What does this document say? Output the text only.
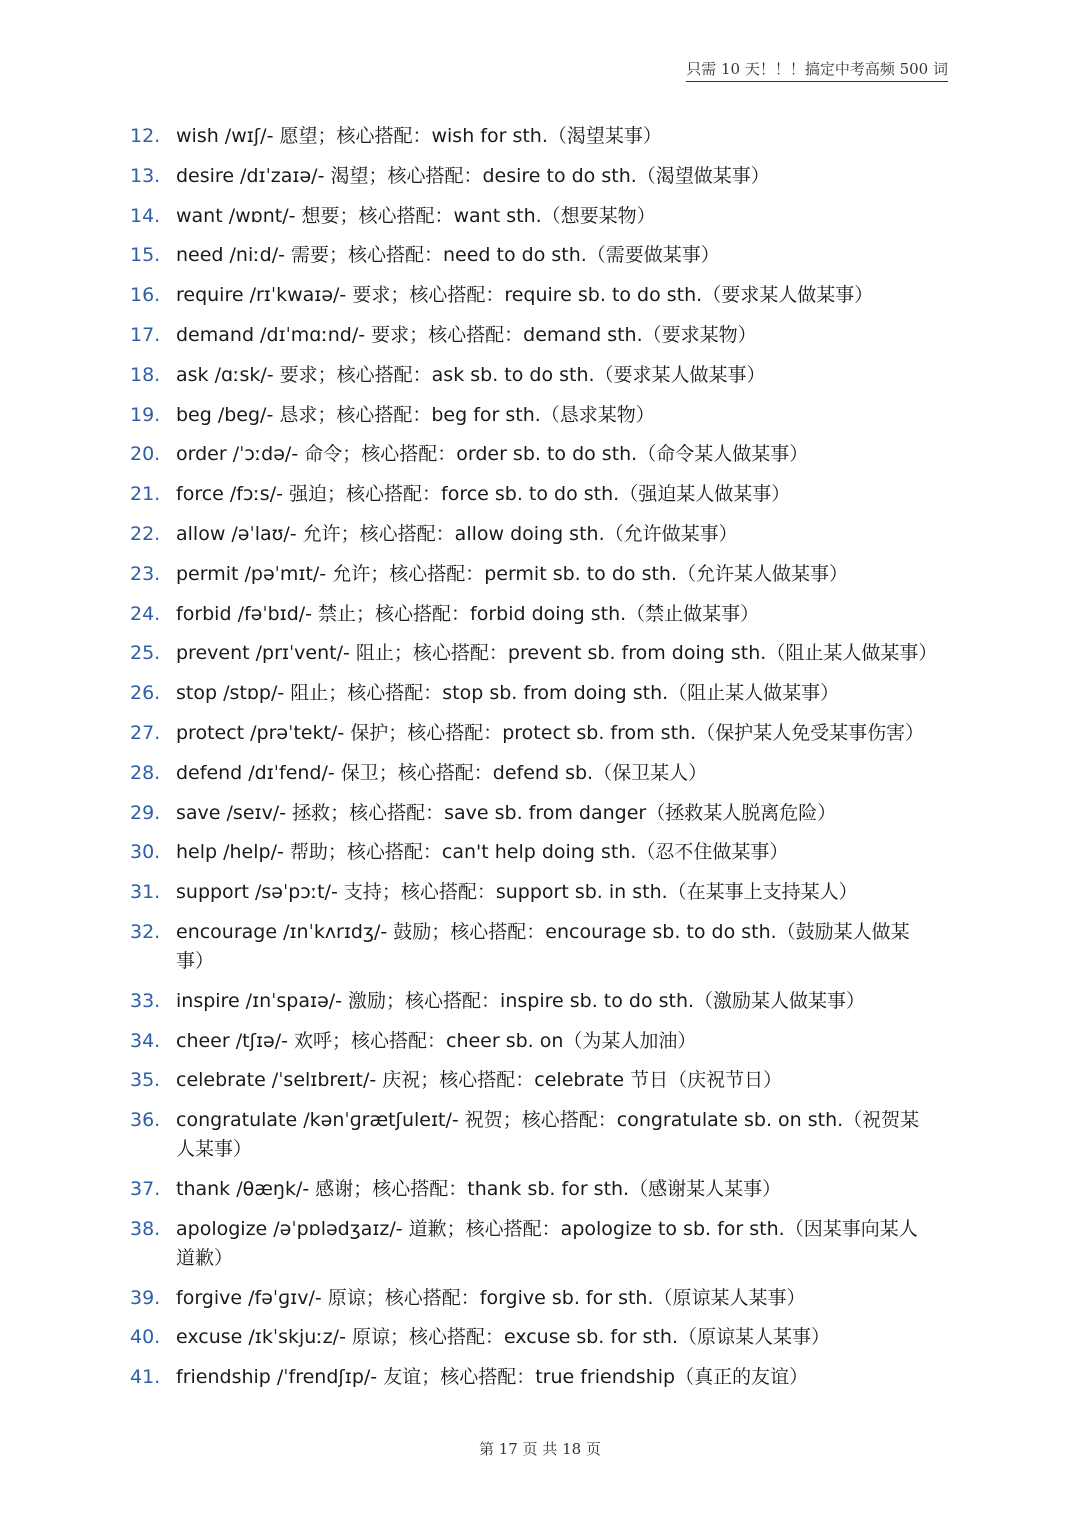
只需 10 天！！！搞定中考高频 500 词
12. wish /wɪʃ/- 愿望；核心搭配：wish for sth.（渴望某事）
13. desire /dɪˈzaɪə/- 渴望；核心搭配：desire to do sth.（渴望做某事）
14. want /wɒnt/- 想要；核心搭配：want sth.（想要某物）
15. need /niːd/- 需要；核心搭配：need to do sth.（需要做某事）
16. require /rɪˈkwaɪə/- 要求；核心搭配：require sb. to do sth.（要求某人做某事）
17. demand /dɪˈmɑːnd/- 要求；核心搭配：demand sth.（要求某物）
18. ask /ɑːsk/- 要求；核心搭配：ask sb. to do sth.（要求某人做某事）
19. beg /beg/- 恳求；核心搭配：beg for sth.（恳求某物）
20. order /ˈɔːdə/- 命令；核心搭配：order sb. to do sth.（命令某人做某事）
21. force /fɔːs/- 强迫；核心搭配：force sb. to do sth.（强迫某人做某事）
22. allow /əˈlaʊ/- 允许；核心搭配：allow doing sth.（允许做某事）
23. permit /pəˈmɪt/- 允许；核心搭配：permit sb. to do sth.（允许某人做某事）
24. forbid /fəˈbɪd/- 禁止；核心搭配：forbid doing sth.（禁止做某事）
25. prevent /prɪˈvent/- 阻止；核心搭配：prevent sb. from doing sth.（阻止某人做某事）
26. stop /stɒp/- 阻止；核心搭配：stop sb. from doing sth.（阻止某人做某事）
27. protect /prəˈtekt/- 保护；核心搭配：protect sb. from sth.（保护某人免受某事伤害）
28. defend /dɪˈfend/- 保卫；核心搭配：defend sb.（保卫某人）
29. save /seɪv/- 拯救；核心搭配：save sb. from danger（拯救某人脱离危险）
30. help /help/- 帮助；核心搭配：can't help doing sth.（忍不住做某事）
31. support /səˈpɔːt/- 支持；核心搭配：support sb. in sth.（在某事上支持某人）
32. encourage /ɪnˈkʌrɪdʒ/- 鼓励；核心搭配：encourage sb. to do sth.（鼓励某人做某事）
33. inspire /ɪnˈspaɪə/- 激励；核心搭配：inspire sb. to do sth.（激励某人做某事）
34. cheer /tʃɪə/- 欢呼；核心搭配：cheer sb. on（为某人加油）
35. celebrate /ˈselɪbreɪt/- 庆祝；核心搭配：celebrate 节日（庆祝节日）
36. congratulate /kənˈɡrætʃuleɪt/- 祝贺；核心搭配：congratulate sb. on sth.（祝贺某人某事）
37. thank /θæŋk/- 感谢；核心搭配：thank sb. for sth.（感谢某人某事）
38. apologize /əˈpɒlədʒaɪz/- 道歉；核心搭配：apologize to sb. for sth.（因某事向某人道歉）
39. forgive /fəˈɡɪv/- 原谅；核心搭配：forgive sb. for sth.（原谅某人某事）
40. excuse /ɪkˈskjuːz/- 原谅；核心搭配：excuse sb. for sth.（原谅某人某事）
41. friendship /ˈfrendʃɪp/- 友谊；核心搭配：true friendship（真正的友谊）
第 17 页 共 18 页
